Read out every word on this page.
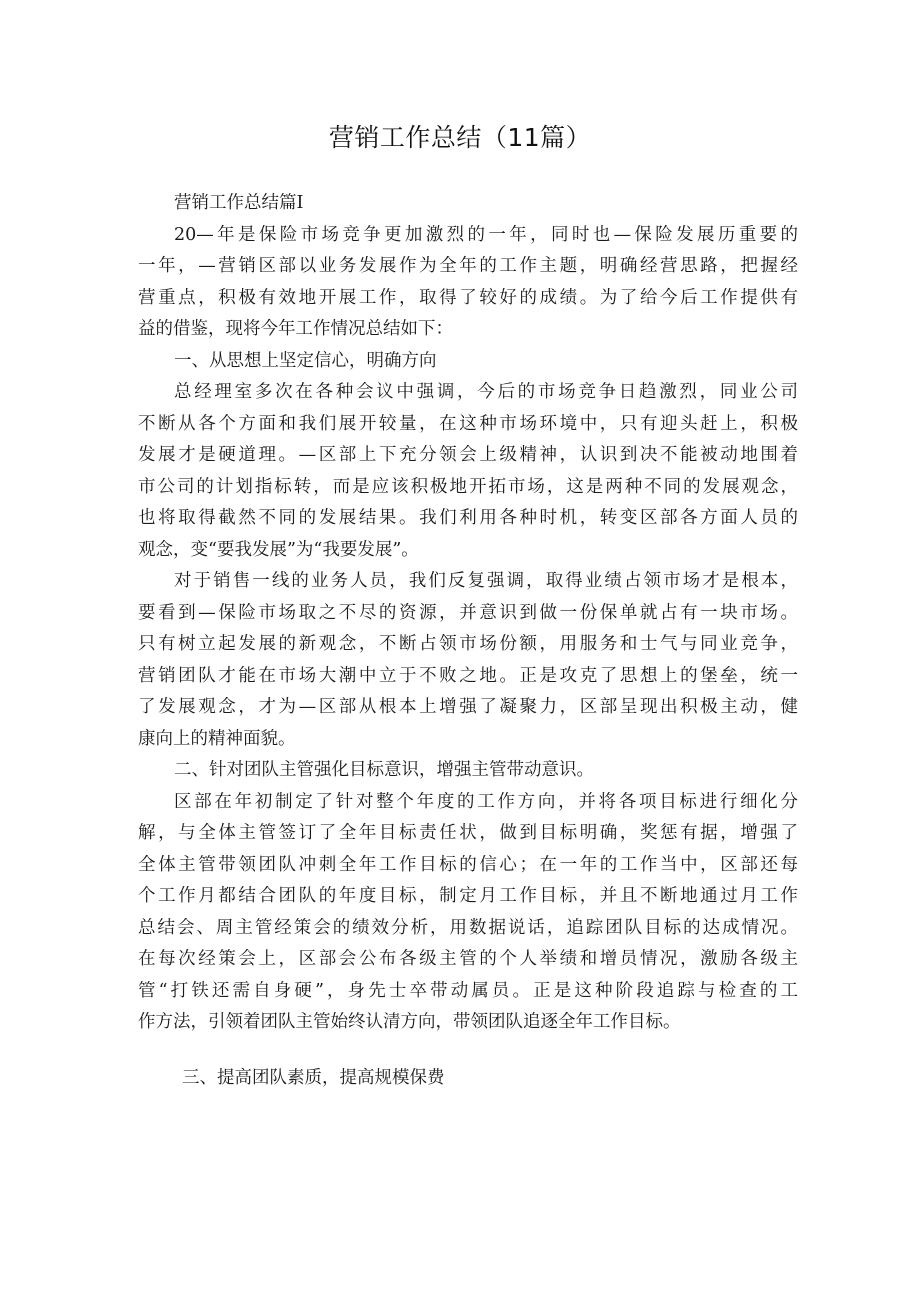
营销工作总结（11篇）
营销工作总结篇Ⅰ
20—年是保险市场竞争更加激烈的一年，同时也—保险发展历重要的
一年，—营销区部以业务发展作为全年的工作主题，明确经营思路，把握经
营重点，积极有效地开展工作，取得了较好的成绩。为了给今后工作提供有
益的借鉴，现将今年工作情况总结如下：
一、从思想上坚定信心，明确方向
总经理室多次在各种会议中强调，今后的市场竞争日趋激烈，同业公司
不断从各个方面和我们展开较量，在这种市场环境中，只有迎头赶上，积极
发展才是硬道理。—区部上下充分领会上级精神，认识到决不能被动地围着
市公司的计划指标转，而是应该积极地开拓市场，这是两种不同的发展观念，
也将取得截然不同的发展结果。我们利用各种时机，转变区部各方面人员的
观念，变“要我发展”为“我要发展”。
对于销售一线的业务人员，我们反复强调，取得业绩占领市场才是根本，
要看到—保险市场取之不尽的资源，并意识到做一份保单就占有一块市场。
只有树立起发展的新观念，不断占领市场份额，用服务和士气与同业竞争，
营销团队才能在市场大潮中立于不败之地。正是攻克了思想上的堡垒，统一
了发展观念，才为—区部从根本上增强了凝聚力，区部呈现出积极主动，健
康向上的精神面貌。
二、针对团队主管强化目标意识，增强主管带动意识。
区部在年初制定了针对整个年度的工作方向，并将各项目标进行细化分
解，与全体主管签订了全年目标责任状，做到目标明确，奖惩有据，增强了
全体主管带领团队冲刺全年工作目标的信心；在一年的工作当中，区部还每
个工作月都结合团队的年度目标，制定月工作目标，并且不断地通过月工作
总结会、周主管经策会的绩效分析，用数据说话，追踪团队目标的达成情况。
在每次经策会上，区部会公布各级主管的个人举绩和增员情况，激励各级主
管“打铁还需自身硬”，身先士卒带动属员。正是这种阶段追踪与检查的工
作方法，引领着团队主管始终认清方向，带领团队追逐全年工作目标。
三、提高团队素质，提高规模保费
